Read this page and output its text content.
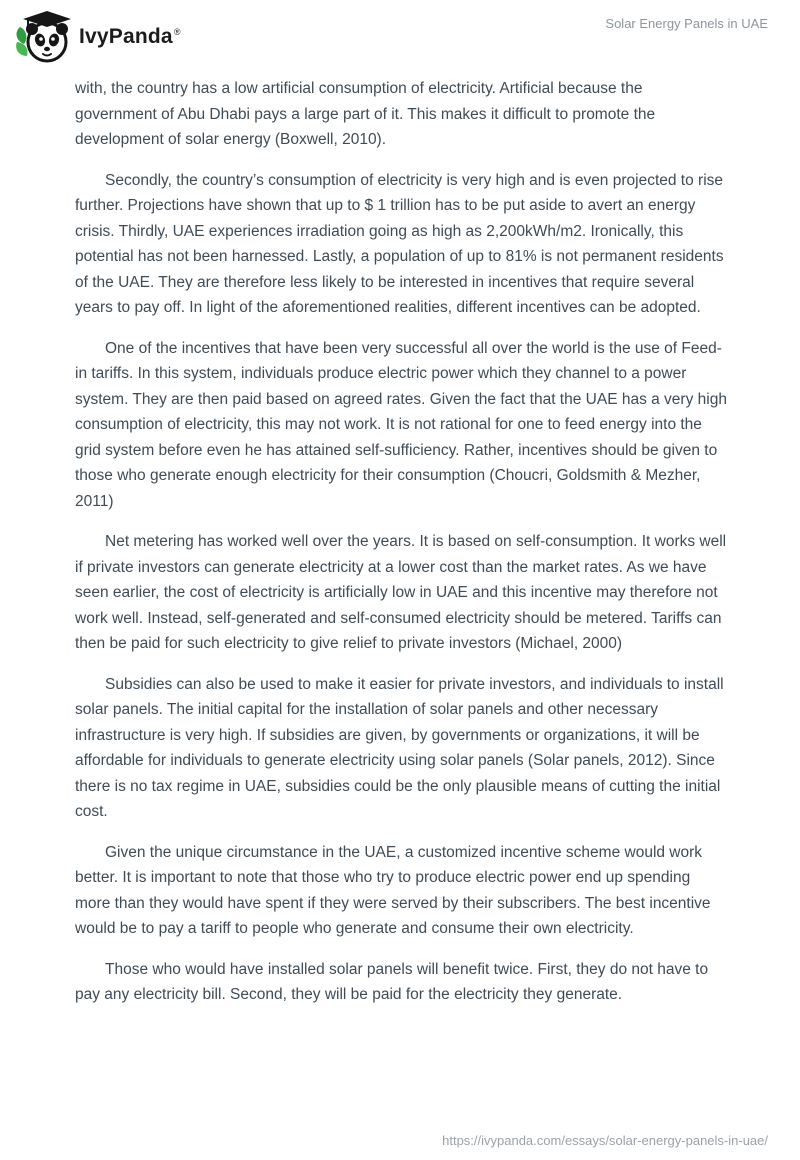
IvyPanda®
Solar Energy Panels in UAE

with, the country has a low artificial consumption of electricity. Artificial because the government of Abu Dhabi pays a large part of it. This makes it difficult to promote the development of solar energy (Boxwell, 2010).

Secondly, the country’s consumption of electricity is very high and is even projected to rise further. Projections have shown that up to $ 1 trillion has to be put aside to avert an energy crisis. Thirdly, UAE experiences irradiation going as high as 2,200kWh/m2. Ironically, this potential has not been harnessed. Lastly, a population of up to 81% is not permanent residents of the UAE. They are therefore less likely to be interested in incentives that require several years to pay off. In light of the aforementioned realities, different incentives can be adopted.

One of the incentives that have been very successful all over the world is the use of Feed-in tariffs. In this system, individuals produce electric power which they channel to a power system. They are then paid based on agreed rates. Given the fact that the UAE has a very high consumption of electricity, this may not work. It is not rational for one to feed energy into the grid system before even he has attained self-sufficiency. Rather, incentives should be given to those who generate enough electricity for their consumption (Choucri, Goldsmith & Mezher, 2011)

Net metering has worked well over the years. It is based on self-consumption. It works well if private investors can generate electricity at a lower cost than the market rates. As we have seen earlier, the cost of electricity is artificially low in UAE and this incentive may therefore not work well. Instead, self-generated and self-consumed electricity should be metered. Tariffs can then be paid for such electricity to give relief to private investors (Michael, 2000)

Subsidies can also be used to make it easier for private investors, and individuals to install solar panels. The initial capital for the installation of solar panels and other necessary infrastructure is very high. If subsidies are given, by governments or organizations, it will be affordable for individuals to generate electricity using solar panels (Solar panels, 2012). Since there is no tax regime in UAE, subsidies could be the only plausible means of cutting the initial cost.

Given the unique circumstance in the UAE, a customized incentive scheme would work better. It is important to note that those who try to produce electric power end up spending more than they would have spent if they were served by their subscribers. The best incentive would be to pay a tariff to people who generate and consume their own electricity.

Those who would have installed solar panels will benefit twice. First, they do not have to pay any electricity bill. Second, they will be paid for the electricity they generate.

https://ivypanda.com/essays/solar-energy-panels-in-uae/
